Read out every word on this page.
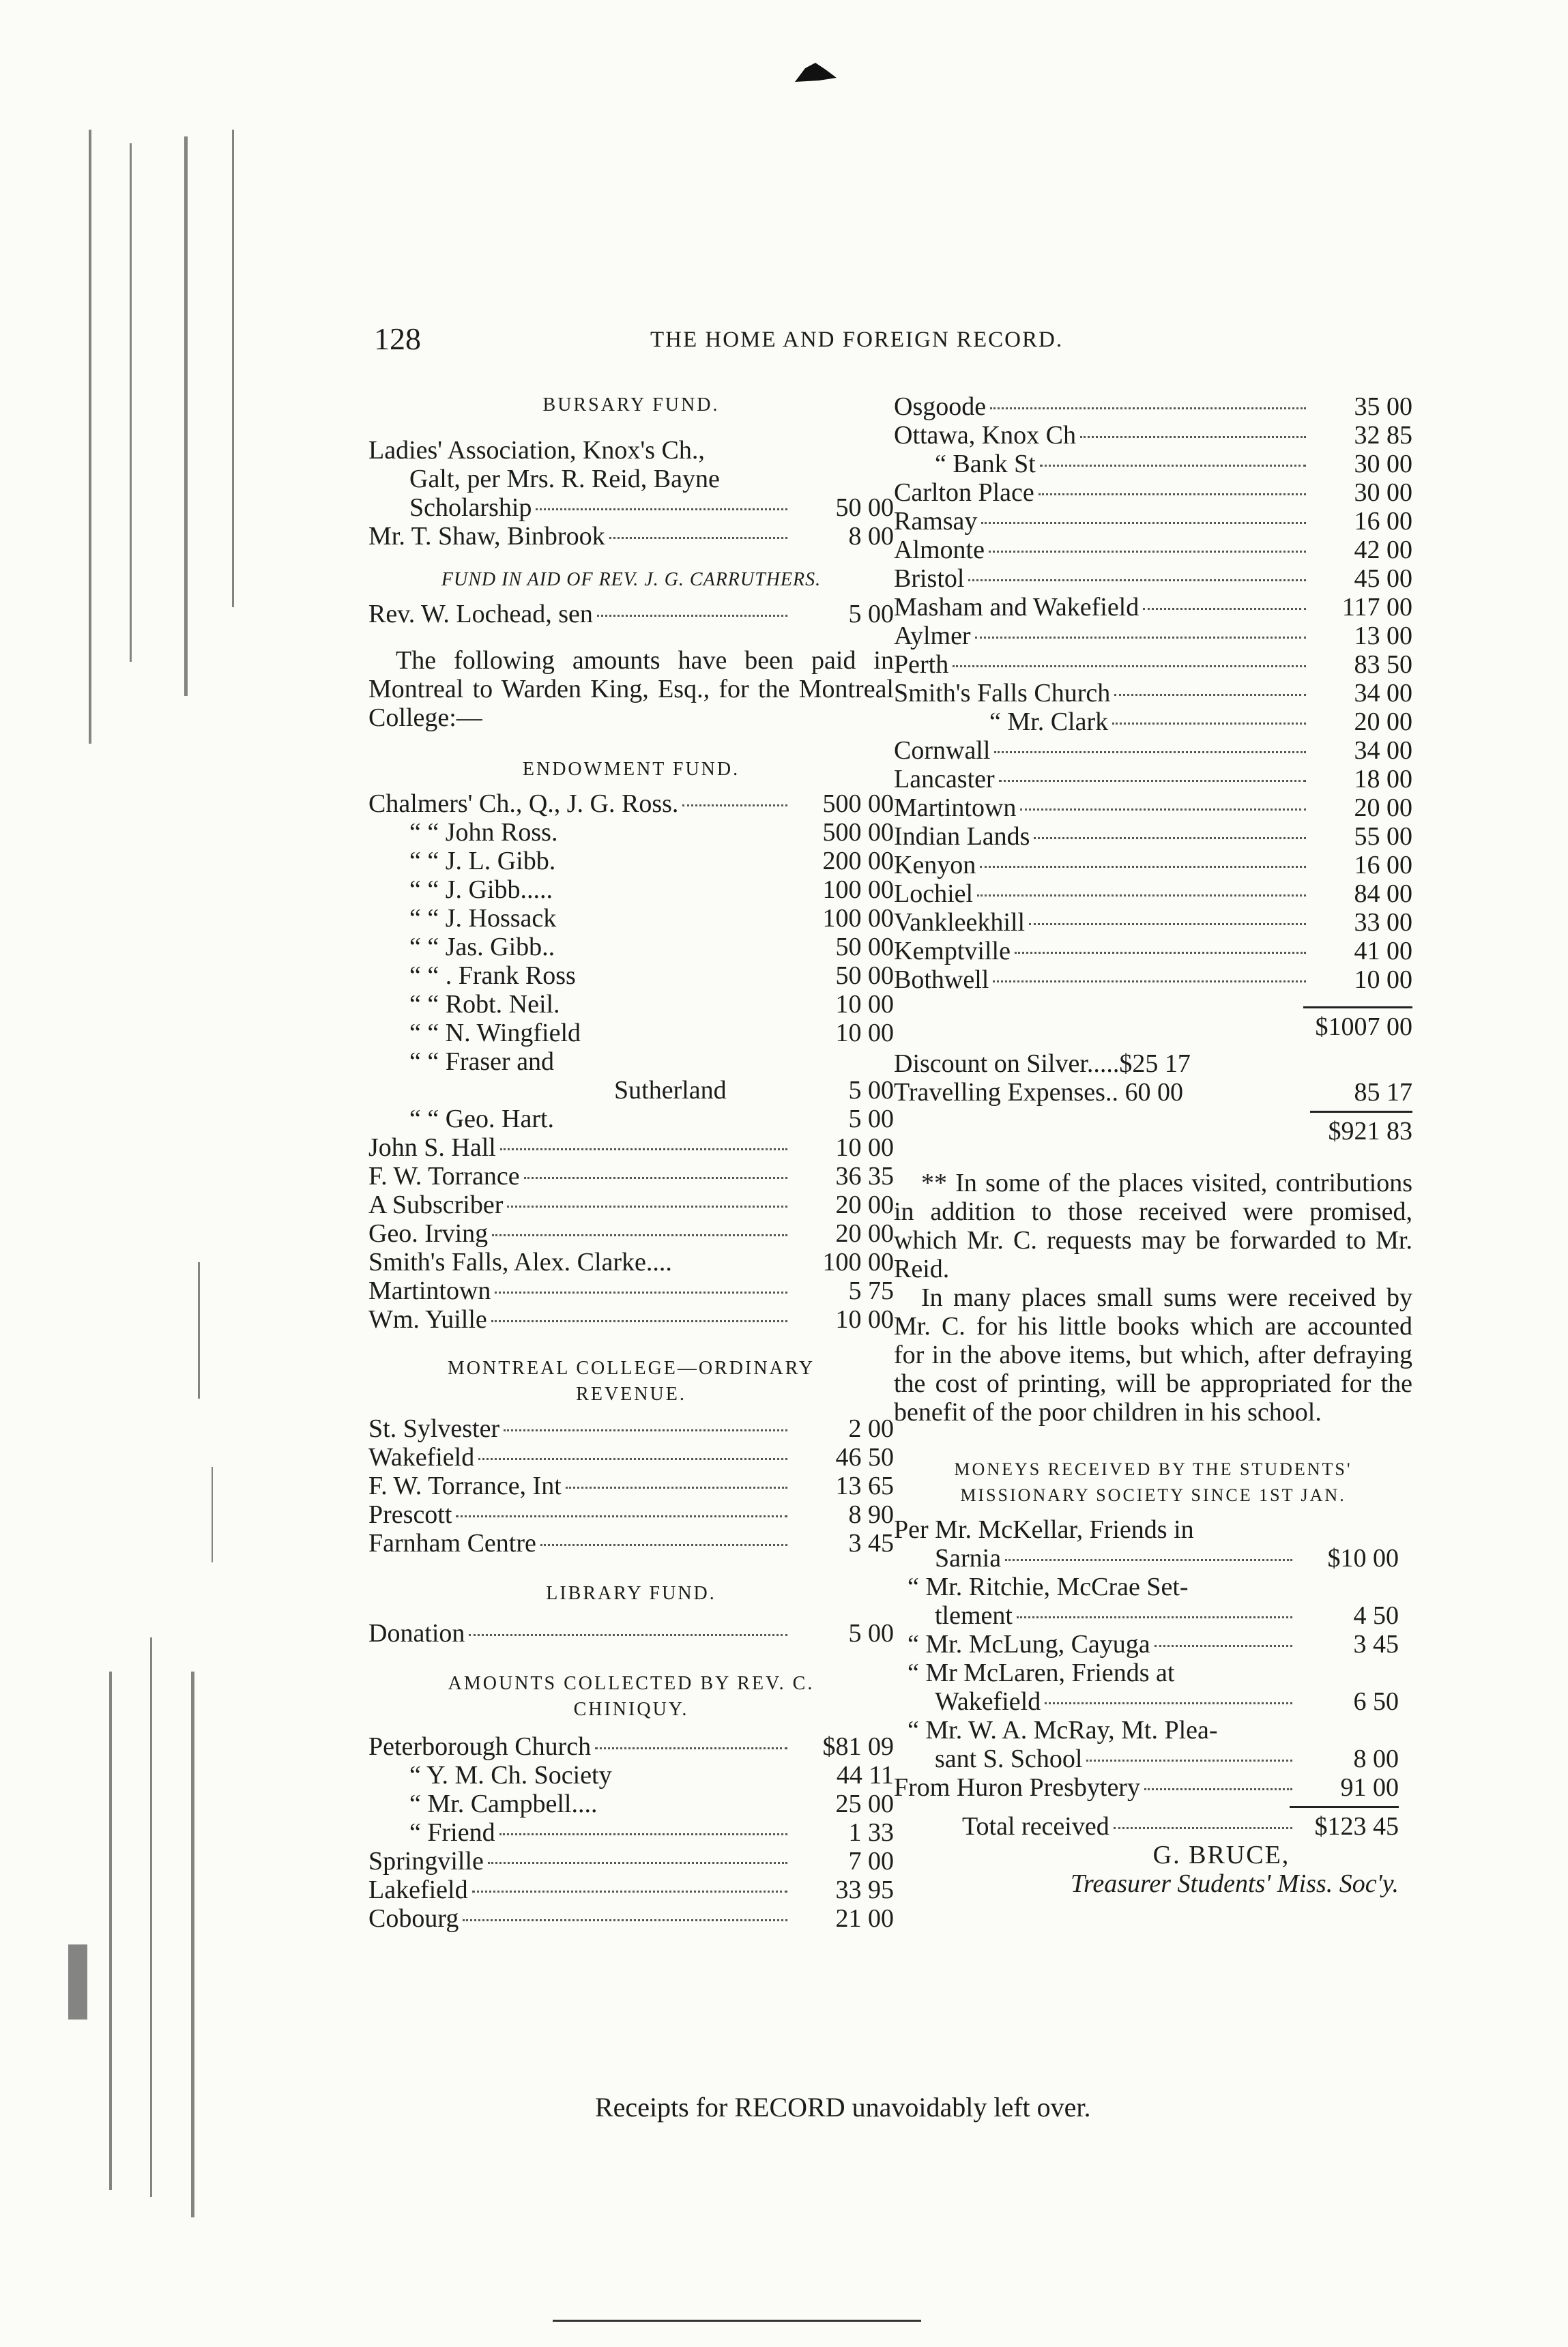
128	THE HOME AND FOREIGN RECORD.
BURSARY FUND.
Ladies' Association, Knox's Ch.,
Galt, per Mrs. R. Reid, Bayne
Scholarship	50 00
Mr. T. Shaw, Binbrook	8 00
FUND IN AID OF REV. J. G. CARRUTHERS.
Rev. W. Lochead, sen	5 00
The following amounts have been paid in Montreal to Warden King, Esq., for the Montreal College:—
ENDOWMENT FUND.
Chalmers' Ch., Q., J. G. Ross.	500 00
“ “ John Ross.	500 00
“ “ J. L. Gibb.	200 00
“ “ J. Gibb.....	100 00
“ “ J. Hossack	100 00
“ “ Jas. Gibb..	50 00
“ “ . Frank Ross	50 00
“ “ Robt. Neil.	10 00
“ “ N. Wingfield	10 00
“ “ Fraser and
Sutherland	5 00
“ “ Geo. Hart.	5 00
John S. Hall	10 00
F. W. Torrance	36 35
A Subscriber	20 00
Geo. Irving	20 00
Smith's Falls, Alex. Clarke....	100 00
Martintown	5 75
Wm. Yuille	10 00
MONTREAL COLLEGE—ORDINARY
REVENUE.
St. Sylvester	2 00
Wakefield	46 50
F. W. Torrance, Int	13 65
Prescott	8 90
Farnham Centre	3 45
LIBRARY FUND.
Donation	5 00
AMOUNTS COLLECTED BY REV. C.
CHINIQUY.
Peterborough Church	$81 09
“ Y. M. Ch. Society	44 11
“ Mr. Campbell....	25 00
“ Friend	1 33
Springville	7 00
Lakefield	33 95
Cobourg	21 00
Osgoode	35 00
Ottawa, Knox Ch	32 85
“ Bank St	30 00
Carlton Place	30 00
Ramsay	16 00
Almonte	42 00
Bristol	45 00
Masham and Wakefield	117 00
Aylmer	13 00
Perth	83 50
Smith's Falls Church	34 00
“ Mr. Clark	20 00
Cornwall	34 00
Lancaster	18 00
Martintown	20 00
Indian Lands	55 00
Kenyon	16 00
Lochiel	84 00
Vankleekhill	33 00
Kemptville	41 00
Bothwell	10 00
$1007 00
Discount on Silver.....$25 17
Travelling Expenses.. 60 00	85 17
$921 83
** In some of the places visited, contributions in addition to those received were promised, which Mr. C. requests may be forwarded to Mr. Reid.
In many places small sums were received by Mr. C. for his little books which are accounted for in the above items, but which, after defraying the cost of printing, will be appropriated for the benefit of the poor children in his school.
MONEYS RECEIVED BY THE STUDENTS'
MISSIONARY SOCIETY SINCE 1ST JAN.
Per Mr. McKellar, Friends in
Sarnia	$10 00
“ Mr. Ritchie, McCrae Set-
tlement	4 50
“ Mr. McLung, Cayuga	3 45
“ Mr McLaren, Friends at
Wakefield	6 50
“ Mr. W. A. McRay, Mt. Plea-
sant S. School	8 00
From Huron Presbytery	91 00
Total received	$123 45
G. BRUCE,
Treasurer Students' Miss. Soc'y.
Receipts for RECORD unavoidably left over.
